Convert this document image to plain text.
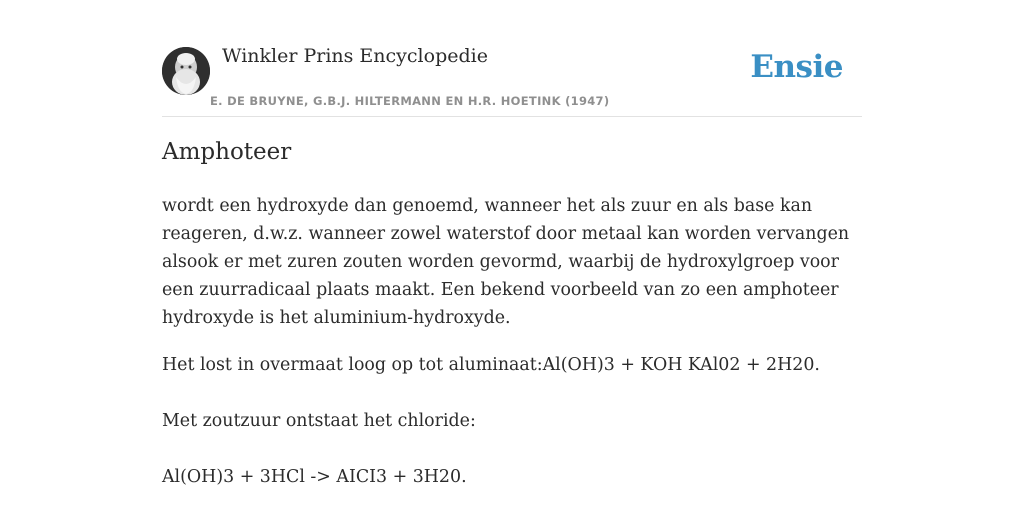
Winkler Prins Encyclopedie
E. DE BRUYNE, G.B.J. HILTERMANN EN H.R. HOETINK (1947)
Ensie
Amphoteer

wordt een hydroxyde dan genoemd, wanneer het als zuur en als base kan reageren, d.w.z. wanneer zowel waterstof door metaal kan worden vervangen alsook er met zuren zouten worden gevormd, waarbij de hydroxylgroep voor een zuurradicaal plaats maakt. Een bekend voorbeeld van zo een amphoteer hydroxyde is het aluminium-hydroxyde.

Het lost in overmaat loog op tot aluminaat:Al(OH)3 + KOH KAl02 + 2H20.

Met zoutzuur ontstaat het chloride:

Al(OH)3 + 3HCl -> AICI3 + 3H20.
